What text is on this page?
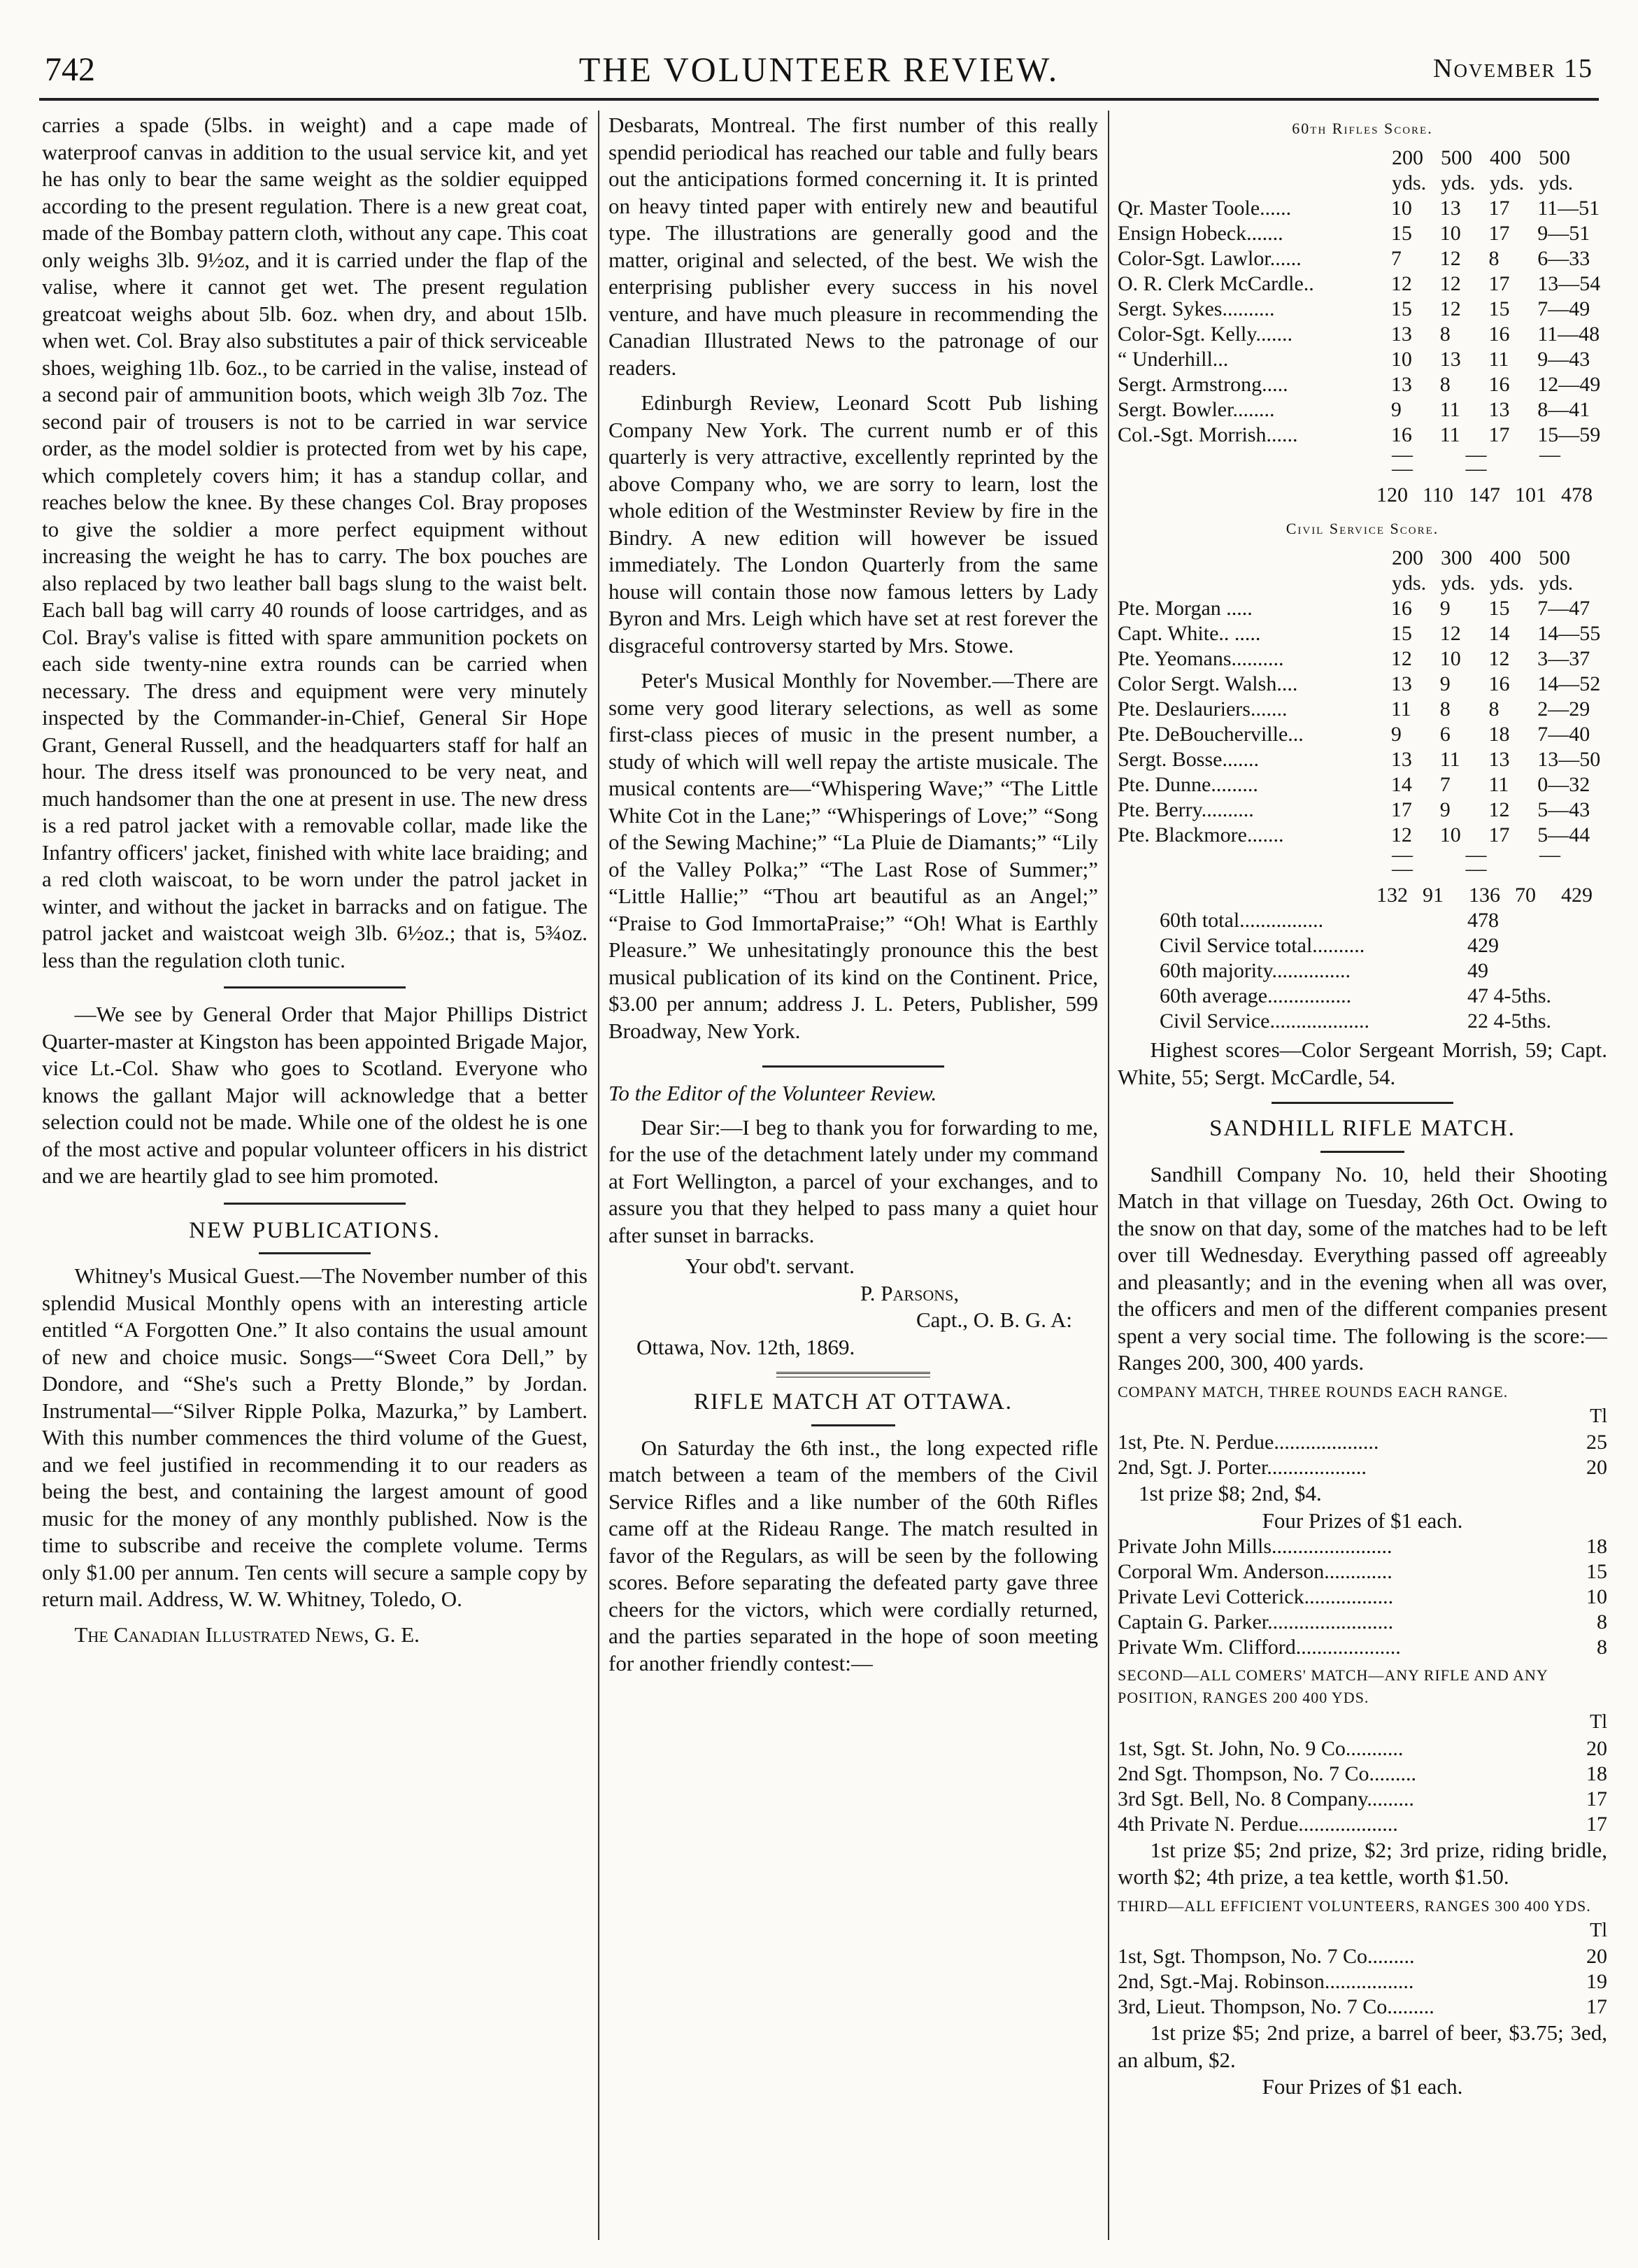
742	THE VOLUNTEER REVIEW.	November 15

carries a spade (5lbs. in weight) and a cape made of waterproof canvas in addition to the usual service kit, and yet he has only to bear the same weight as the soldier equipped according to the present regulation. There is a new great coat, made of the Bombay pattern cloth, without any cape. This coat only weighs 3lb. 9½oz, and it is carried under the flap of the valise, where it cannot get wet. The present regulation greatcoat weighs about 5lb. 6oz. when dry, and about 15lb. when wet. Col. Bray also substitutes a pair of thick serviceable shoes, weighing 1lb. 6oz., to be carried in the valise, instead of a second pair of ammunition boots, which weigh 3lb 7oz. The second pair of trousers is not to be carried in war service order, as the model soldier is protected from wet by his cape, which completely covers him; it has a standup collar, and reaches below the knee. By these changes Col. Bray proposes to give the soldier a more perfect equipment without increasing the weight he has to carry. The box pouches are also replaced by two leather ball bags slung to the waist belt. Each ball bag will carry 40 rounds of loose cartridges, and as Col. Bray's valise is fitted with spare ammunition pockets on each side twenty-nine extra rounds can be carried when necessary. The dress and equipment were very minutely inspected by the Commander-in-Chief, General Sir Hope Grant, General Russell, and the headquarters staff for half an hour. The dress itself was pronounced to be very neat, and much handsomer than the one at present in use. The new dress is a red patrol jacket with a removable collar, made like the Infantry officers' jacket, finished with white lace braiding; and a red cloth waiscoat, to be worn under the patrol jacket in winter, and without the jacket in barracks and on fatigue. The patrol jacket and waistcoat weigh 3lb. 6½oz.; that is, 5¾oz. less than the regulation cloth tunic.

—We see by General Order that Major Phillips District Quarter-master at Kingston has been appointed Brigade Major, vice Lt.-Col. Shaw who goes to Scotland. Everyone who knows the gallant Major will acknowledge that a better selection could not be made. While one of the oldest he is one of the most active and popular volunteer officers in his district and we are heartily glad to see him promoted.

NEW PUBLICATIONS.

Whitney's Musical Guest.—The November number of this splendid Musical Monthly opens with an interesting article entitled “A Forgotten One.” It also contains the usual amount of new and choice music. Songs—“Sweet Cora Dell,” by Dondore, and “She's such a Pretty Blonde,” by Jordan. Instrumental—“Silver Ripple Polka, Mazurka,” by Lambert. With this number commences the third volume of the Guest, and we feel justified in recommending it to our readers as being the best, and containing the largest amount of good music for the money of any monthly published. Now is the time to subscribe and receive the complete volume. Terms only $1.00 per annum. Ten cents will secure a sample copy by return mail. Address, W. W. Whitney, Toledo, O.

The Canadian Illustrated News, G. E.

Desbarats, Montreal. The first number of this really spendid periodical has reached our table and fully bears out the anticipations formed concerning it. It is printed on heavy tinted paper with entirely new and beautiful type. The illustrations are generally good and the matter, original and selected, of the best. We wish the enterprising publisher every success in his novel venture, and have much pleasure in recommending the Canadian Illustrated News to the patronage of our readers.

Edinburgh Review, Leonard Scott Pub lishing Company New York. The current numb er of this quarterly is very attractive, excellently reprinted by the above Company who, we are sorry to learn, lost the whole edition of the Westminster Review by fire in the Bindry. A new edition will however be issued immediately. The London Quarterly from the same house will contain those now famous letters by Lady Byron and Mrs. Leigh which have set at rest forever the disgraceful controversy started by Mrs. Stowe.

Peter's Musical Monthly for November.—There are some very good literary selections, as well as some first-class pieces of music in the present number, a study of which will well repay the artiste musicale. The musical contents are—“Whispering Wave;” “The Little White Cot in the Lane;” “Whisperings of Love;” “Song of the Sewing Machine;” “La Pluie de Diamants;” “Lily of the Valley Polka;” “The Last Rose of Summer;” “Little Hallie;” “Thou art beautiful as an Angel;” “Praise to God ImmortaPraise;” “Oh! What is Earthly Pleasure.” We unhesitatingly pronounce this the best musical publication of its kind on the Continent. Price, $3.00 per annum; address J. L. Peters, Publisher, 599 Broadway, New York.

To the Editor of the Volunteer Review.

Dear Sir:—I beg to thank you for forwarding to me, for the use of the detachment lately under my command at Fort Wellington, a parcel of your exchanges, and to assure you that they helped to pass many a quiet hour after sunset in barracks.

Your obd't. servant.

P. Parsons,

Capt., O. B. G. A:

Ottawa, Nov. 12th, 1869.

RIFLE MATCH AT OTTAWA.

On Saturday the 6th inst., the long expected rifle match between a team of the members of the Civil Service Rifles and a like number of the 60th Rifles came off at the Rideau Range. The match resulted in favor of the Regulars, as will be seen by the following scores. Before separating the defeated party gave three cheers for the victors, which were cordially returned, and the parties separated in the hope of soon meeting for another friendly contest:—

60th Rifles Score.
200 500 400 500
yds. yds. yds. yds.
Qr. Master Toole......	10	13	17	11—51
Ensign Hobeck.......	15	10	17	9—51
Color-Sgt. Lawlor......	7	12	8	6—33
O. R. Clerk McCardle..	12	12	17	13—54
Sergt. Sykes..........	15	12	15	7—49
Color-Sgt. Kelly.......	13	8	16	11—48
“ Underhill...	10	13	11	9—43
Sergt. Armstrong.....	13	8	16	12—49
Sergt. Bowler........	9	11	13	8—41
Col.-Sgt. Morrish......	16	11	17	15—59
— — — — —
120 110 147 101 478
Civil Service Score.
200 300 400 500
yds. yds. yds. yds.
Pte. Morgan .....	16	9	15	7—47
Capt. White.. .....	15	12	14	14—55
Pte. Yeomans..........	12	10	12	3—37
Color Sergt. Walsh....	13	9	16	14—52
Pte. Deslauriers.......	11	8	8	2—29
Pte. DeBoucherville...	9	6	18	7—40
Sergt. Bosse.......	13	11	13	13—50
Pte. Dunne.........	14	7	11	0—32
Pte. Berry..........	17	9	12	5—43
Pte. Blackmore.......	12	10	17	5—44
— — — — —
132 91	136 70	429
60th total................	478
Civil Service total..........	429
60th majority...............	49
60th average................	47 4-5ths.
Civil Service...................	22 4-5ths.

Highest scores—Color Sergeant Morrish, 59; Capt. White, 55; Sergt. McCardle, 54.

SANDHILL RIFLE MATCH.

Sandhill Company No. 10, held their Shooting Match in that village on Tuesday, 26th Oct. Owing to the snow on that day, some of the matches had to be left over till Wednesday. Everything passed off agreeably and pleasantly; and in the evening when all was over, the officers and men of the different companies present spent a very social time. The following is the score:—Ranges 200, 300, 400 yards.

COMPANY MATCH, THREE ROUNDS EACH RANGE.
Tl
1st, Pte. N. Perdue....................	25
2nd, Sgt. J. Porter...................	20

1st prize $8; 2nd, $4.

Four Prizes of $1 each.

Private John Mills.......................	18
Corporal Wm. Anderson.............	15
Private Levi Cotterick.................	10
Captain G. Parker........................	8
Private Wm. Clifford....................	8
SECOND—ALL COMERS' MATCH—ANY RIFLE AND ANY POSITION, RANGES 200 400 YDS.
Tl
1st, Sgt. St. John, No. 9 Co...........	20
2nd Sgt. Thompson, No. 7 Co.........	18
3rd Sgt. Bell, No. 8 Company.........	17
4th Private N. Perdue...................	17

1st prize $5; 2nd prize, $2; 3rd prize, riding bridle, worth $2; 4th prize, a tea kettle, worth $1.50.

THIRD—ALL EFFICIENT VOLUNTEERS, RANGES 300 400 YDS.
Tl
1st, Sgt. Thompson, No. 7 Co.........	20
2nd, Sgt.-Maj. Robinson.................	19
3rd, Lieut. Thompson, No. 7 Co.........	17

1st prize $5; 2nd prize, a barrel of beer, $3.75; 3ed, an album, $2.

Four Prizes of $1 each.
